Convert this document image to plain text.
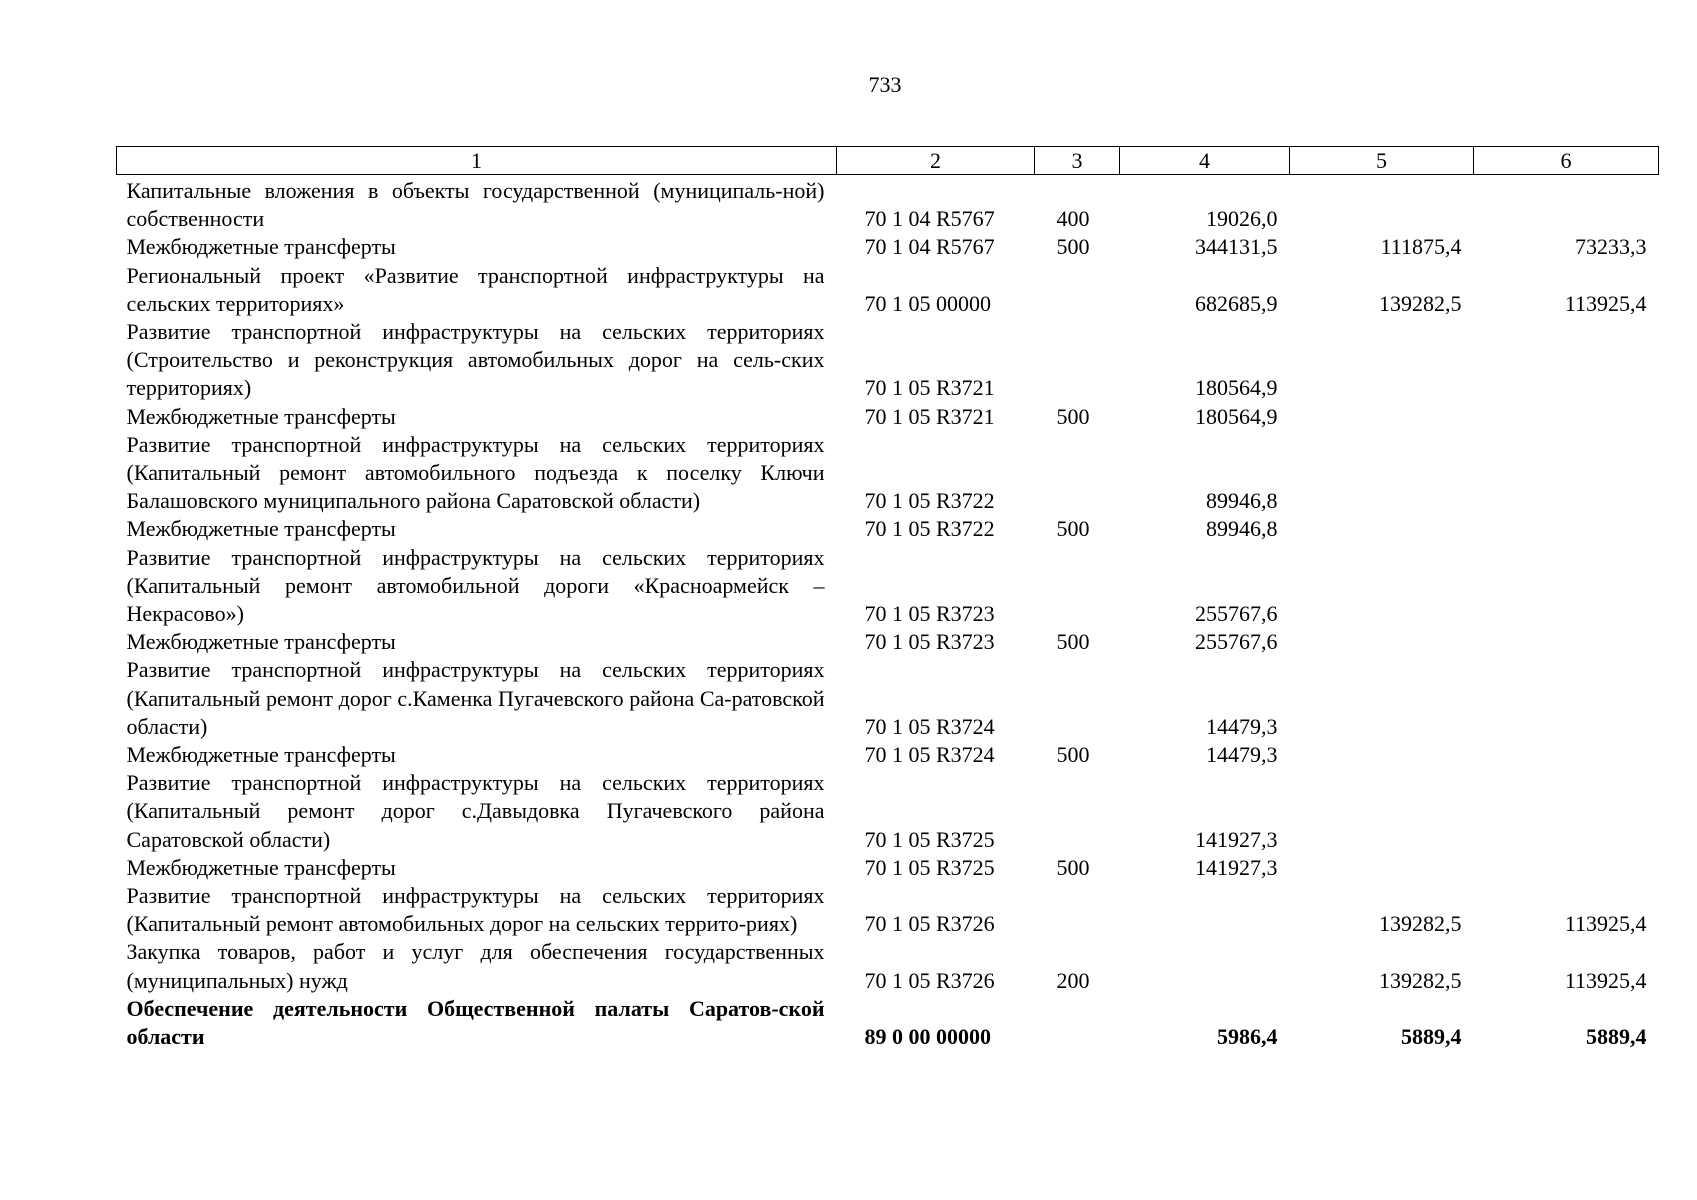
733
1	2	3	4	5	6
Капитальные вложения в объекты государственной (муниципаль-ной) собственности	70 1 04 R5767	400	19026,0		
Межбюджетные трансферты	70 1 04 R5767	500	344131,5	111875,4	73233,3
Региональный проект «Развитие транспортной инфраструктуры на сельских территориях»	70 1 05 00000		682685,9	139282,5	113925,4
Развитие транспортной инфраструктуры на сельских территориях (Строительство и реконструкция автомобильных дорог на сель-ских территориях)	70 1 05 R3721		180564,9		
Межбюджетные трансферты	70 1 05 R3721	500	180564,9		
Развитие транспортной инфраструктуры на сельских территориях (Капитальный ремонт автомобильного подъезда к поселку Ключи Балашовского муниципального района Саратовской области)	70 1 05 R3722		89946,8		
Межбюджетные трансферты	70 1 05 R3722	500	89946,8		
Развитие транспортной инфраструктуры на сельских территориях (Капитальный ремонт автомобильной дороги «Красноармейск – Некрасово»)	70 1 05 R3723		255767,6		
Межбюджетные трансферты	70 1 05 R3723	500	255767,6		
Развитие транспортной инфраструктуры на сельских территориях (Капитальный ремонт дорог с.Каменка Пугачевского района Са-ратовской области)	70 1 05 R3724		14479,3		
Межбюджетные трансферты	70 1 05 R3724	500	14479,3		
Развитие транспортной инфраструктуры на сельских территориях (Капитальный ремонт дорог с.Давыдовка Пугачевского района Саратовской области)	70 1 05 R3725		141927,3		
Межбюджетные трансферты	70 1 05 R3725	500	141927,3		
Развитие транспортной инфраструктуры на сельских территориях (Капитальный ремонт автомобильных дорог на сельских террито-риях)	70 1 05 R3726			139282,5	113925,4
Закупка товаров, работ и услуг для обеспечения государственных (муниципальных) нужд	70 1 05 R3726	200		139282,5	113925,4
Обеспечение деятельности Общественной палаты Саратов-ской области	89 0 00 00000		5986,4	5889,4	5889,4
